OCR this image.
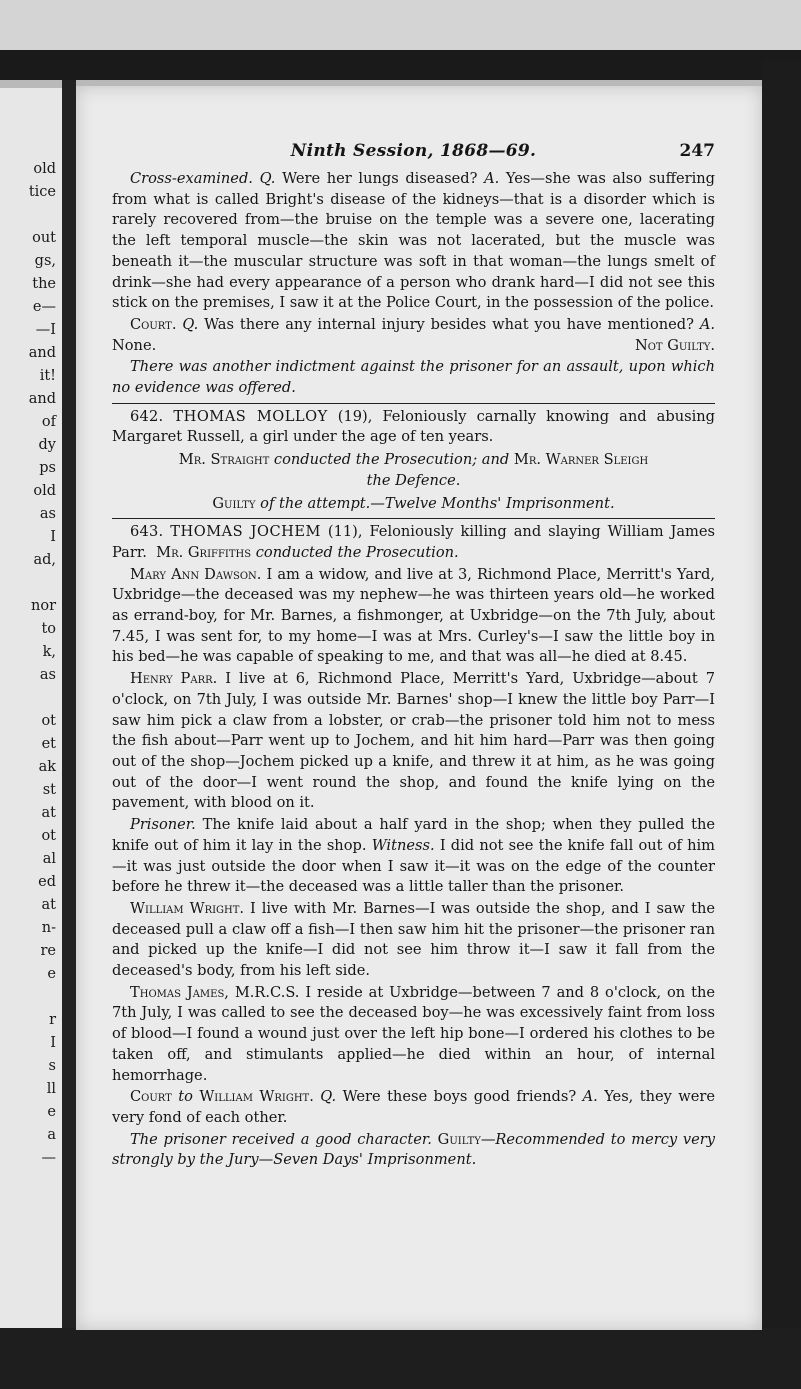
old
tice

out
gs,
the
e—
—I
and
it!
and
of
dy
ps
old
as
I
ad,

nor
to
k,
as

ot
et
ak
st
at
ot
al
ed
at
n-
re
e

r
I
s
ll
e
a
—
Ninth Session, 1868—69.	247

Cross-examined. Q. Were her lungs diseased? A. Yes—she was also suffering from what is called Bright's disease of the kidneys—that is a disorder which is rarely recovered from—the bruise on the temple was a severe one, lacerating the left temporal muscle—the skin was not lacerated, but the muscle was beneath it—the muscular structure was soft in that woman—the lungs smelt of drink—she had every appearance of a person who drank hard—I did not see this stick on the premises, I saw it at the Police Court, in the possession of the police.

Court. Q. Was there any internal injury besides what you have mentioned? A. None.	Not Guilty.

There was another indictment against the prisoner for an assault, upon which no evidence was offered.

642. THOMAS MOLLOY (19), Feloniously carnally knowing and abusing Margaret Russell, a girl under the age of ten years.

Mr. Straight conducted the Prosecution; and Mr. Warner Sleigh
the Defence.

Guilty of the attempt.—Twelve Months' Imprisonment.

643. THOMAS JOCHEM (11), Feloniously killing and slaying William James Parr. Mr. Griffiths conducted the Prosecution.

Mary Ann Dawson. I am a widow, and live at 3, Richmond Place, Merritt's Yard, Uxbridge—the deceased was my nephew—he was thirteen years old—he worked as errand-boy, for Mr. Barnes, a fishmonger, at Uxbridge—on the 7th July, about 7.45, I was sent for, to my home—I was at Mrs. Curley's—I saw the little boy in his bed—he was capable of speaking to me, and that was all—he died at 8.45.

Henry Parr. I live at 6, Richmond Place, Merritt's Yard, Uxbridge—about 7 o'clock, on 7th July, I was outside Mr. Barnes' shop—I knew the little boy Parr—I saw him pick a claw from a lobster, or crab—the prisoner told him not to mess the fish about—Parr went up to Jochem, and hit him hard—Parr was then going out of the shop—Jochem picked up a knife, and threw it at him, as he was going out of the door—I went round the shop, and found the knife lying on the pavement, with blood on it.

Prisoner. The knife laid about a half yard in the shop; when they pulled the knife out of him it lay in the shop. Witness. I did not see the knife fall out of him—it was just outside the door when I saw it—it was on the edge of the counter before he threw it—the deceased was a little taller than the prisoner.

William Wright. I live with Mr. Barnes—I was outside the shop, and I saw the deceased pull a claw off a fish—I then saw him hit the prisoner—the prisoner ran and picked up the knife—I did not see him throw it—I saw it fall from the deceased's body, from his left side.

Thomas James, M.R.C.S. I reside at Uxbridge—between 7 and 8 o'clock, on the 7th July, I was called to see the deceased boy—he was excessively faint from loss of blood—I found a wound just over the left hip bone—I ordered his clothes to be taken off, and stimulants applied—he died within an hour, of internal hemorrhage.

Court to William Wright. Q. Were these boys good friends? A. Yes, they were very fond of each other.

The prisoner received a good character. Guilty—Recommended to mercy very strongly by the Jury—Seven Days' Imprisonment.
